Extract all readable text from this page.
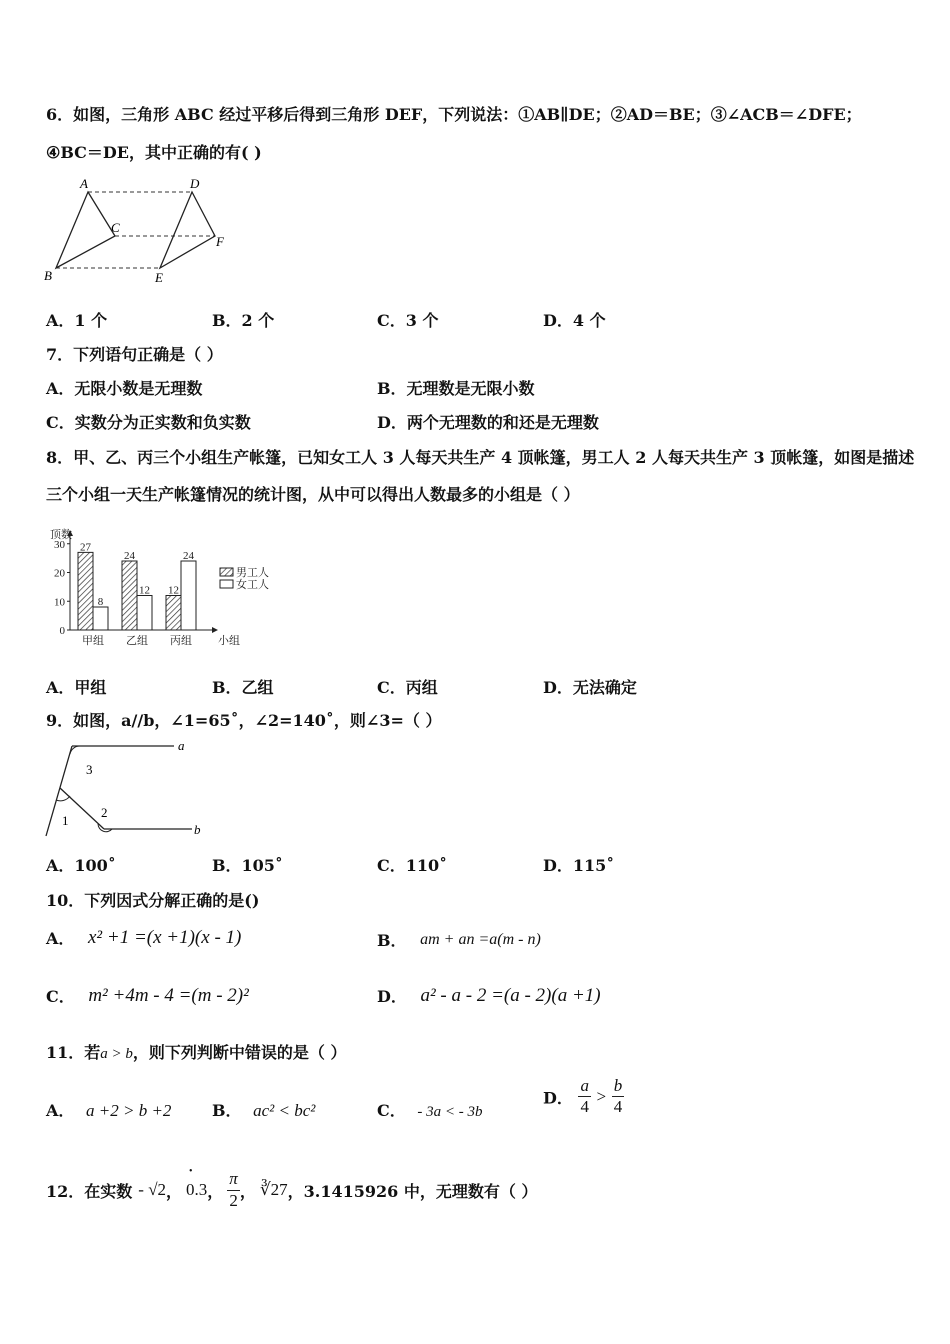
6．如图，三角形 ABC 经过平移后得到三角形 DEF，下列说法：①AB∥DE；②AD＝BE；③∠ACB＝∠DFE；
④BC＝DE，其中正确的有( )
A
B
C
D
E
F
A．1 个	B．2 个	C．3 个	D．4 个
7．下列语句正确是（ ）
A．无限小数是无理数	B．无理数是无限小数
C．实数分为正实数和负实数	D．两个无理数的和还是无理数
8．甲、乙、丙三个小组生产帐篷，已知女工人 3 人每天共生产 4 顶帐篷，男工人 2 人每天共生产 3 顶帐篷，如图是描述
三个小组一天生产帐篷情况的统计图，从中可以得出人数最多的小组是（ ）
顶数
小组
0
10
20
30 27
8
甲组
24
12
乙组
12
24
丙组
男工人
女工人
A．甲组	B．乙组	C．丙组	D．无法确定
9．如图，a//b，∠1=65˚，∠2=140˚，则∠3=（ ）
a
b
1
2
3
A．100˚	B．105˚	C．110˚	D．115˚
10．下列因式分解正确的是()
A． x² +1 =(x +1)(x - 1)	B． am + an =a(m - n)
C． m² +4m - 4 =(m - 2)²	D． a² - a - 2 =(a - 2)(a +1)
11．若a > b，则下列判断中错误的是（ ）
A． a +2 > b +2	B． ac² < bc²	C． - 3a < - 3b
D． $\frac{a}{4} > \frac{b}{4}$
12．在实数 - √2 ，
• 0.3 ， $\frac{\pi}{2}$ ， ∛27 ，3.1415926 中，无理数有（ ）
